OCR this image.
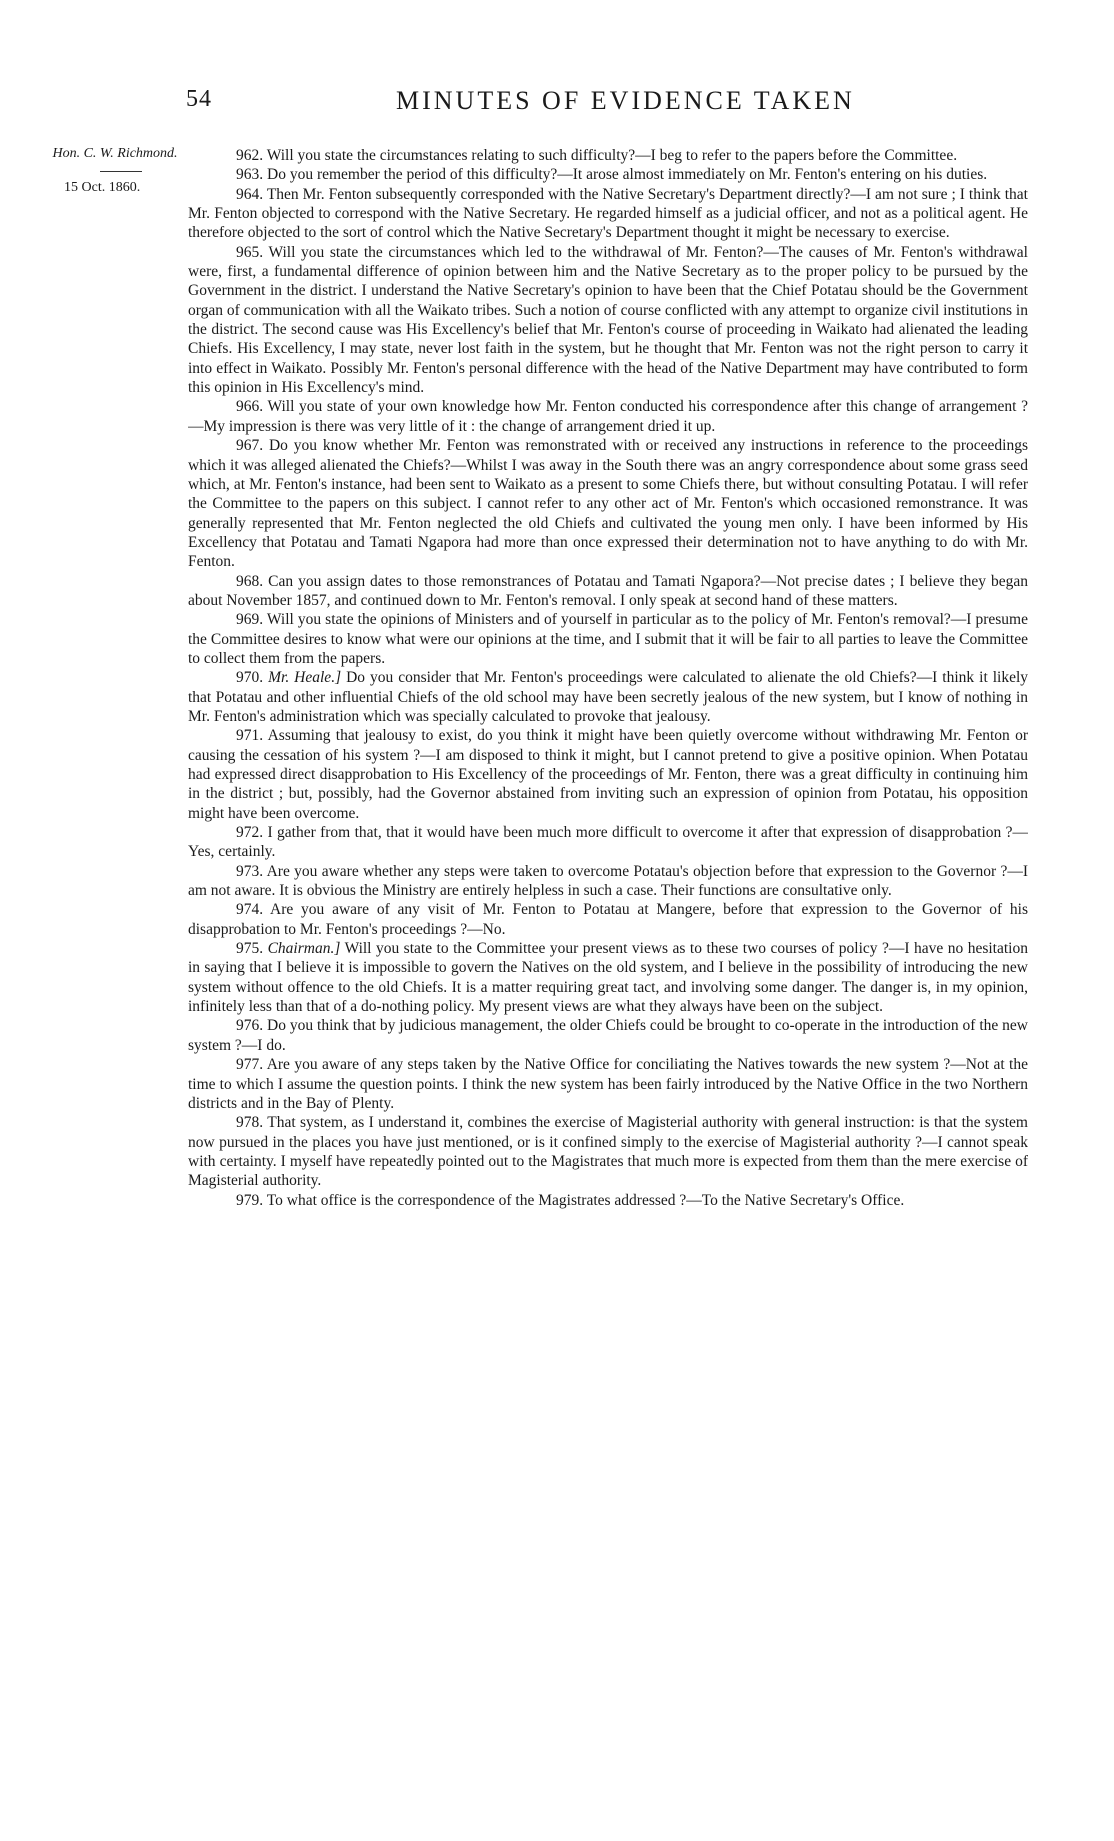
54	MINUTES OF EVIDENCE TAKEN
Hon. C. W. Richmond.
15 Oct. 1860.

962. Will you state the circumstances relating to such difficulty?—I beg to refer to the papers before the Committee.

963. Do you remember the period of this difficulty?—It arose almost immediately on Mr. Fenton's entering on his duties.

964. Then Mr. Fenton subsequently corresponded with the Native Secretary's Department directly?—I am not sure ; I think that Mr. Fenton objected to correspond with the Native Secretary. He regarded himself as a judicial officer, and not as a political agent. He therefore objected to the sort of control which the Native Secretary's Department thought it might be necessary to exercise.

965. Will you state the circumstances which led to the withdrawal of Mr. Fenton?—The causes of Mr. Fenton's withdrawal were, first, a fundamental difference of opinion between him and the Native Secretary as to the proper policy to be pursued by the Government in the district. I understand the Native Secretary's opinion to have been that the Chief Potatau should be the Government organ of communication with all the Waikato tribes. Such a notion of course conflicted with any attempt to organize civil institutions in the district. The second cause was His Excellency's belief that Mr. Fenton's course of proceeding in Waikato had alienated the leading Chiefs. His Excellency, I may state, never lost faith in the system, but he thought that Mr. Fenton was not the right person to carry it into effect in Waikato. Possibly Mr. Fenton's personal difference with the head of the Native Department may have contributed to form this opinion in His Excellency's mind.

966. Will you state of your own knowledge how Mr. Fenton conducted his correspondence after this change of arrangement ?—My impression is there was very little of it : the change of arrangement dried it up.

967. Do you know whether Mr. Fenton was remonstrated with or received any instructions in reference to the proceedings which it was alleged alienated the Chiefs?—Whilst I was away in the South there was an angry correspondence about some grass seed which, at Mr. Fenton's instance, had been sent to Waikato as a present to some Chiefs there, but without consulting Potatau. I will refer the Committee to the papers on this subject. I cannot refer to any other act of Mr. Fenton's which occasioned remonstrance. It was generally represented that Mr. Fenton neglected the old Chiefs and cultivated the young men only. I have been informed by His Excellency that Potatau and Tamati Ngapora had more than once expressed their determination not to have anything to do with Mr. Fenton.

968. Can you assign dates to those remonstrances of Potatau and Tamati Ngapora?—Not precise dates ; I believe they began about November 1857, and continued down to Mr. Fenton's removal. I only speak at second hand of these matters.

969. Will you state the opinions of Ministers and of yourself in particular as to the policy of Mr. Fenton's removal?—I presume the Committee desires to know what were our opinions at the time, and I submit that it will be fair to all parties to leave the Committee to collect them from the papers.

970. Mr. Heale.] Do you consider that Mr. Fenton's proceedings were calculated to alienate the old Chiefs?—I think it likely that Potatau and other influential Chiefs of the old school may have been secretly jealous of the new system, but I know of nothing in Mr. Fenton's administration which was specially calculated to provoke that jealousy.

971. Assuming that jealousy to exist, do you think it might have been quietly overcome without withdrawing Mr. Fenton or causing the cessation of his system ?—I am disposed to think it might, but I cannot pretend to give a positive opinion. When Potatau had expressed direct disapprobation to His Excellency of the proceedings of Mr. Fenton, there was a great difficulty in continuing him in the district ; but, possibly, had the Governor abstained from inviting such an expression of opinion from Potatau, his opposition might have been overcome.

972. I gather from that, that it would have been much more difficult to overcome it after that expression of disapprobation ?—Yes, certainly.

973. Are you aware whether any steps were taken to overcome Potatau's objection before that expression to the Governor ?—I am not aware. It is obvious the Ministry are entirely helpless in such a case. Their functions are consultative only.

974. Are you aware of any visit of Mr. Fenton to Potatau at Mangere, before that expression to the Governor of his disapprobation to Mr. Fenton's proceedings ?—No.

975. Chairman.] Will you state to the Committee your present views as to these two courses of policy ?—I have no hesitation in saying that I believe it is impossible to govern the Natives on the old system, and I believe in the possibility of introducing the new system without offence to the old Chiefs. It is a matter requiring great tact, and involving some danger. The danger is, in my opinion, infinitely less than that of a do-nothing policy. My present views are what they always have been on the subject.

976. Do you think that by judicious management, the older Chiefs could be brought to co-operate in the introduction of the new system ?—I do.

977. Are you aware of any steps taken by the Native Office for conciliating the Natives towards the new system ?—Not at the time to which I assume the question points. I think the new system has been fairly introduced by the Native Office in the two Northern districts and in the Bay of Plenty.

978. That system, as I understand it, combines the exercise of Magisterial authority with general instruction: is that the system now pursued in the places you have just mentioned, or is it confined simply to the exercise of Magisterial authority ?—I cannot speak with certainty. I myself have repeatedly pointed out to the Magistrates that much more is expected from them than the mere exercise of Magisterial authority.

979. To what office is the correspondence of the Magistrates addressed ?—To the Native Secretary's Office.
